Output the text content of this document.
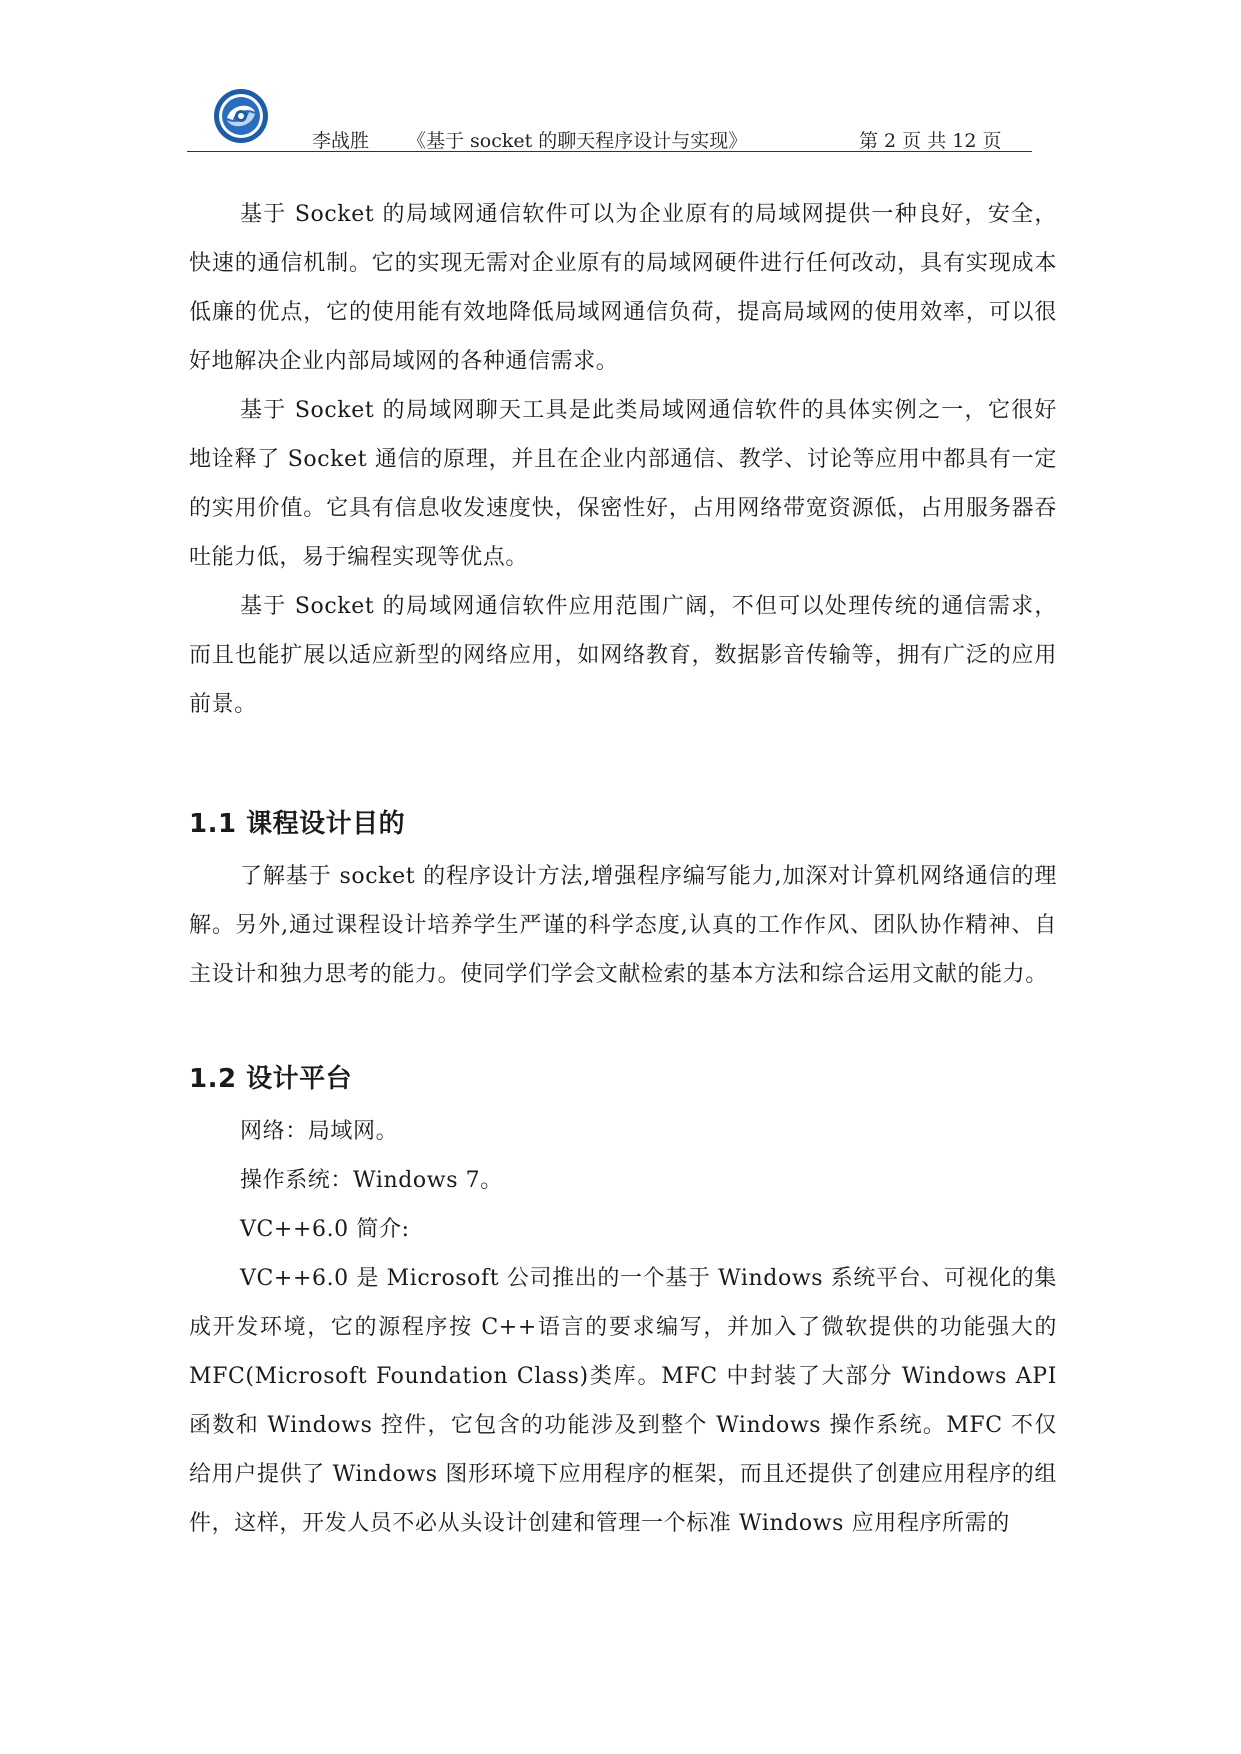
李战胜 《基于 socket 的聊天程序设计与实现》	第 2 页 共 12 页

基于 Socket 的局域网通信软件可以为企业原有的局域网提供一种良好，安全，快速的通信机制。它的实现无需对企业原有的局域网硬件进行任何改动，具有实现成本低廉的优点，它的使用能有效地降低局域网通信负荷，提高局域网的使用效率，可以很好地解决企业内部局域网的各种通信需求。

基于 Socket 的局域网聊天工具是此类局域网通信软件的具体实例之一，它很好地诠释了 Socket 通信的原理，并且在企业内部通信、教学、讨论等应用中都具有一定的实用价值。它具有信息收发速度快，保密性好，占用网络带宽资源低，占用服务器吞吐能力低，易于编程实现等优点。

基于 Socket 的局域网通信软件应用范围广阔，不但可以处理传统的通信需求，而且也能扩展以适应新型的网络应用，如网络教育，数据影音传输等，拥有广泛的应用前景。

1.1 课程设计目的

了解基于 socket 的程序设计方法,增强程序编写能力,加深对计算机网络通信的理解。另外,通过课程设计培养学生严谨的科学态度,认真的工作作风、团队协作精神、自主设计和独力思考的能力。使同学们学会文献检索的基本方法和综合运用文献的能力。

1.2 设计平台

网络：局域网。

操作系统：Windows 7。

VC++6.0 简介:

VC++6.0 是 Microsoft 公司推出的一个基于 Windows 系统平台、可视化的集成开发环境，它的源程序按 C++语言的要求编写，并加入了微软提供的功能强大的 MFC(Microsoft Foundation Class)类库。MFC 中封装了大部分 Windows API 函数和 Windows 控件，它包含的功能涉及到整个 Windows 操作系统。MFC 不仅给用户提供了 Windows 图形环境下应用程序的框架，而且还提供了创建应用程序的组件，这样，开发人员不必从头设计创建和管理一个标准 Windows 应用程序所需的
